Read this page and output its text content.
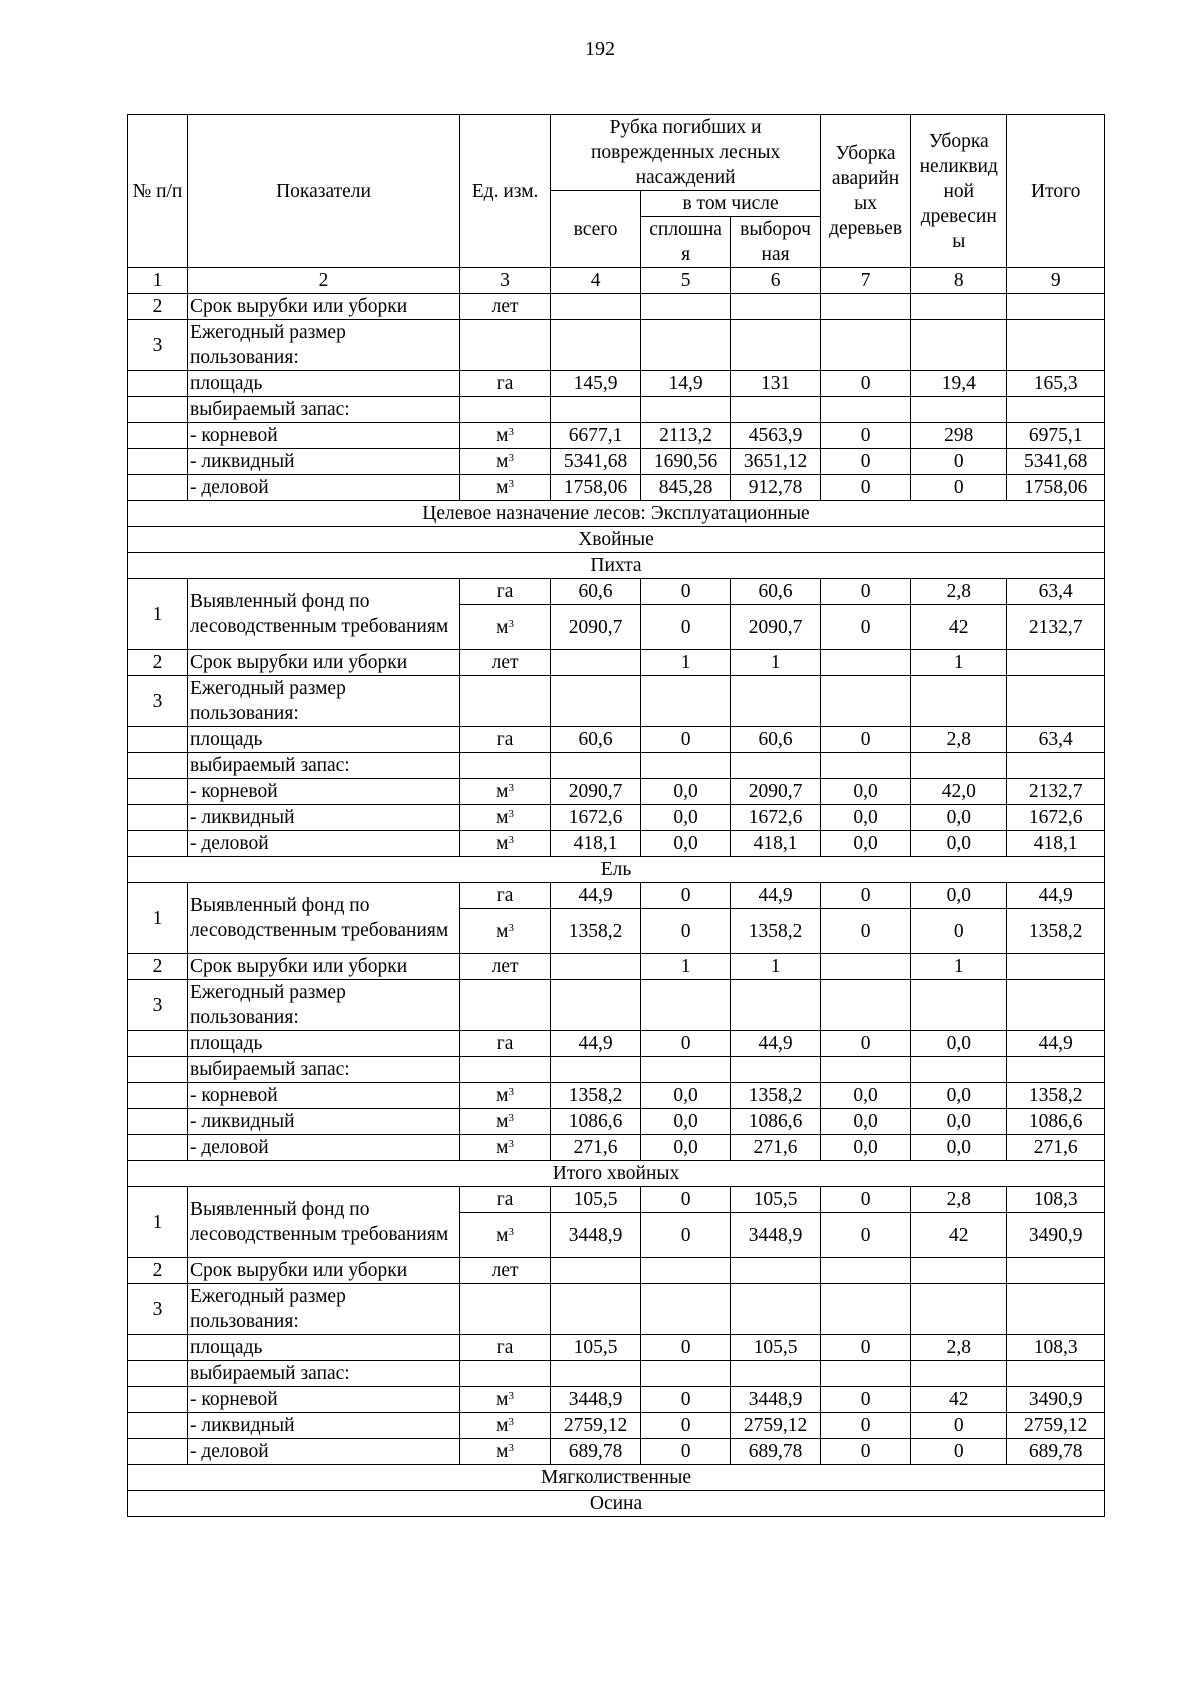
192
№ п/п	Показатели	Ед. изм.	Рубка погибших и поврежденных лесных насаждений			Уборка аварийн ых деревьев	Уборка неликвид ной древесин ы	Итого
			всего	в том числе				
				сплошна я	выбороч ная			
1	2	3	4	5	6	7	8	9
2	Срок вырубки или уборки	лет						
3	Ежегодный размер пользования:							
	площадь	га	145,9	14,9	131	0	19,4	165,3
	выбираемый запас:							
	- корневой	$м^3$	6677,1	2113,2	4563,9	0	298	6975,1
	- ликвидный	$м^3$	5341,68	1690,56	3651,12	0	0	5341,68
	- деловой	$м^3$	1758,06	845,28	912,78	0	0	1758,06
Целевое назначение лесов: Эксплуатационные								
Хвойные								
Пихта								
1	Выявленный фонд по лесоводственным требованиям	га	60,6	0	60,6	0	2,8	63,4
		$м^3$	2090,7	0	2090,7	0	42	2132,7
2	Срок вырубки или уборки	лет		1	1		1	
3	Ежегодный размер пользования:							
	площадь	га	60,6	0	60,6	0	2,8	63,4
	выбираемый запас:							
	- корневой	$м^3$	2090,7	0,0	2090,7	0,0	42,0	2132,7
	- ликвидный	$м^3$	1672,6	0,0	1672,6	0,0	0,0	1672,6
	- деловой	$м^3$	418,1	0,0	418,1	0,0	0,0	418,1
Ель								
1	Выявленный фонд по лесоводственным требованиям	га	44,9	0	44,9	0	0,0	44,9
		$м^3$	1358,2	0	1358,2	0	0	1358,2
2	Срок вырубки или уборки	лет		1	1		1	
3	Ежегодный размер пользования:							
	площадь	га	44,9	0	44,9	0	0,0	44,9
	выбираемый запас:							
	- корневой	$м^3$	1358,2	0,0	1358,2	0,0	0,0	1358,2
	- ликвидный	$м^3$	1086,6	0,0	1086,6	0,0	0,0	1086,6
	- деловой	$м^3$	271,6	0,0	271,6	0,0	0,0	271,6
Итого хвойных								
1	Выявленный фонд по лесоводственным требованиям	га	105,5	0	105,5	0	2,8	108,3
		$м^3$	3448,9	0	3448,9	0	42	3490,9
2	Срок вырубки или уборки	лет						
3	Ежегодный размер пользования:							
	площадь	га	105,5	0	105,5	0	2,8	108,3
	выбираемый запас:							
	- корневой	$м^3$	3448,9	0	3448,9	0	42	3490,9
	- ликвидный	$м^3$	2759,12	0	2759,12	0	0	2759,12
	- деловой	$м^3$	689,78	0	689,78	0	0	689,78
Мягколиственные								
Осина								
